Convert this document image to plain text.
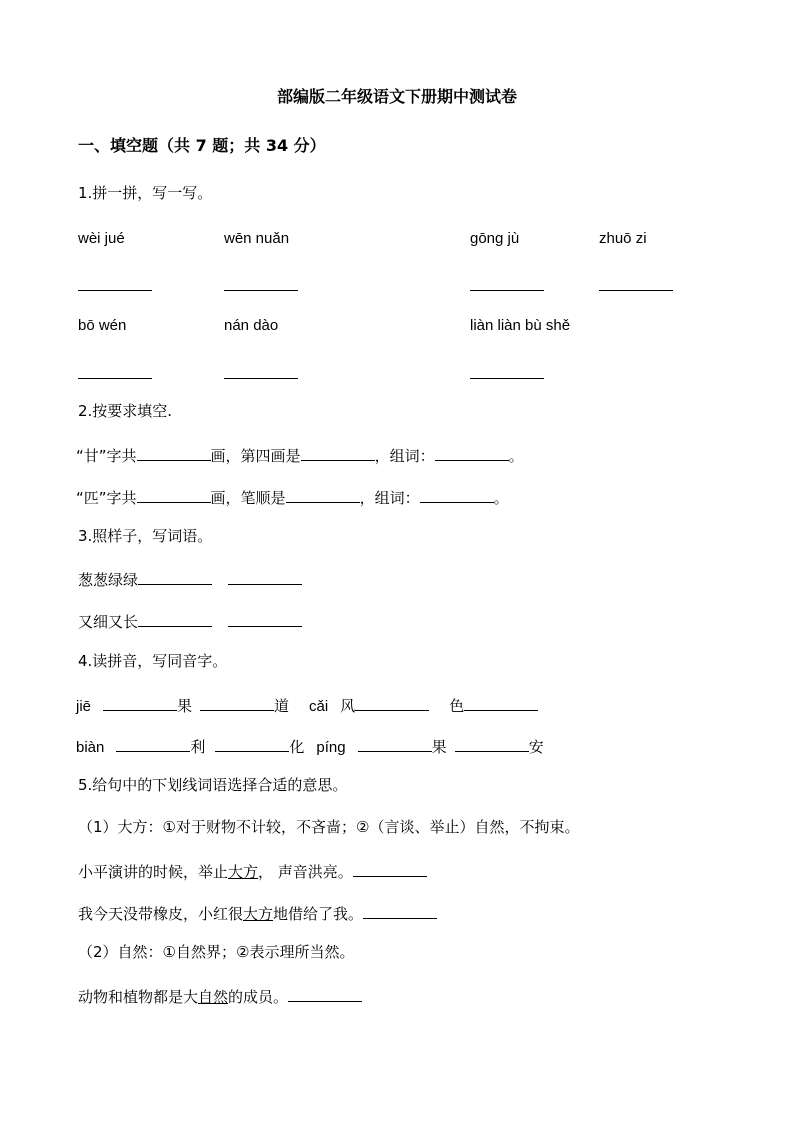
部编版二年级语文下册期中测试卷
一、填空题（共 7 题；共 34 分）
1.拼一拼，写一写。
wèi jué	wēn nuǎn	gōng jù	zhuō zi
bō wén	nán dào	liàn liàn bù shě
2.按要求填空.
“甘”字共	画，第四画是	，组词：	。
“匹”字共	画，笔顺是	，组词：	。
3.照样子，写词语。
葱葱绿绿
又细又长
4.读拼音，写同音字。
jiē	果	道 cǎi 风	色
biàn	利	化 píng	果	安
5.给句中的下划线词语选择合适的意思。
（1）大方：①对于财物不计较，不吝啬；②（言谈、举止）自然，不拘束。
小平演讲的时候，举止大方， 声音洪亮。
我今天没带橡皮，小红很大方地借给了我。
（2）自然：①自然界；②表示理所当然。
动物和植物都是大自然的成员。
